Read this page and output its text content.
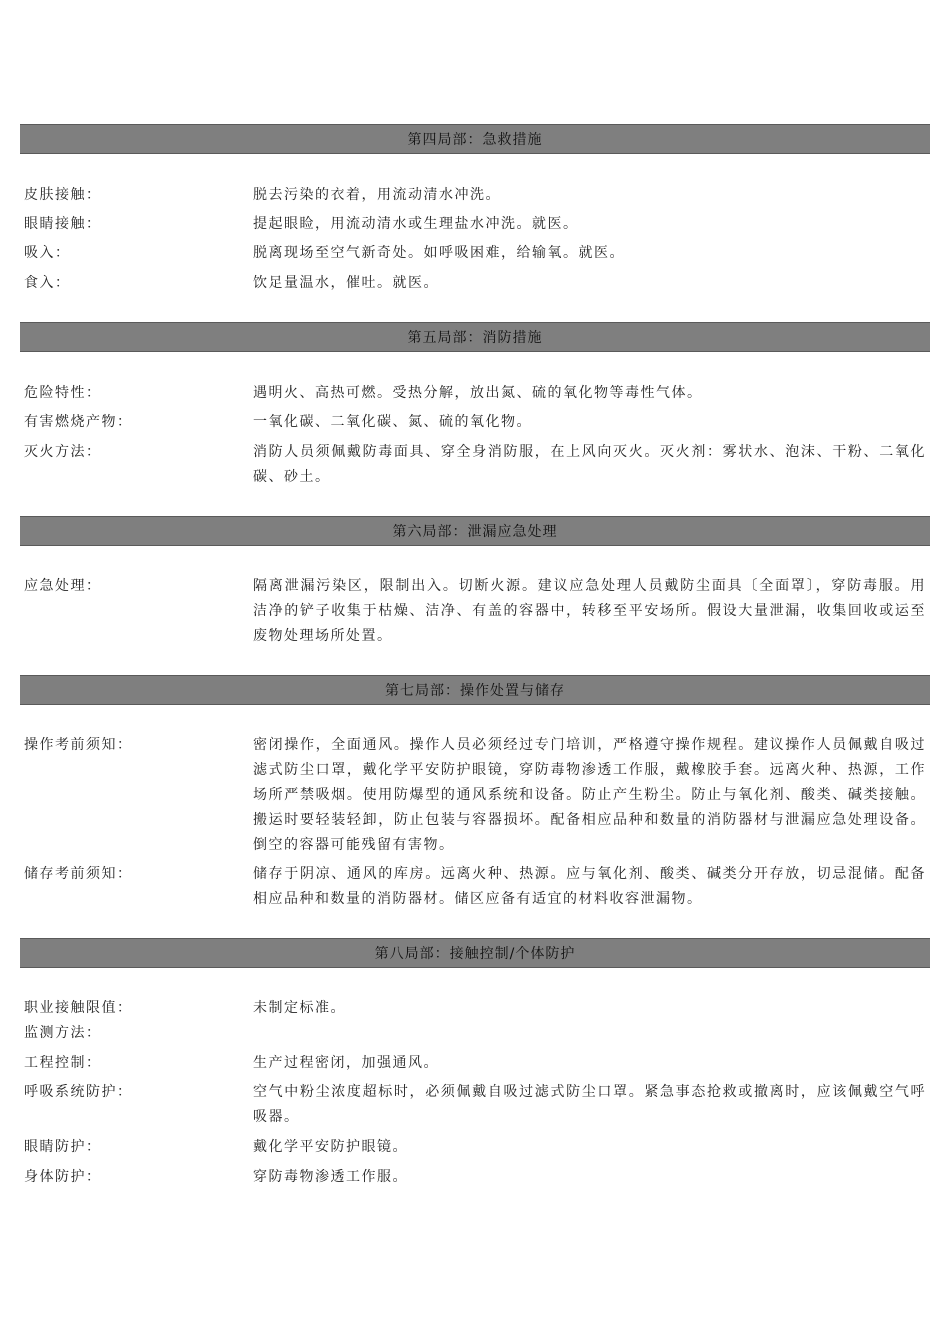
第四局部：急救措施
皮肤接触：	脱去污染的衣着，用流动清水冲洗。
眼睛接触：	提起眼睑，用流动清水或生理盐水冲洗。就医。
吸入：	脱离现场至空气新奇处。如呼吸困难，给输氧。就医。
食入：	饮足量温水，催吐。就医。
第五局部：消防措施
危险特性：	遇明火、高热可燃。受热分解，放出氮、硫的氧化物等毒性气体。
有害燃烧产物：	一氧化碳、二氧化碳、氮、硫的氧化物。
灭火方法：	消防人员须佩戴防毒面具、穿全身消防服，在上风向灭火。灭火剂：雾状水、泡沫、干粉、二氧化碳、砂土。
第六局部：泄漏应急处理
应急处理：	隔离泄漏污染区，限制出入。切断火源。建议应急处理人员戴防尘面具〔全面罩〕，穿防毒服。用洁净的铲子收集于枯燥、洁净、有盖的容器中，转移至平安场所。假设大量泄漏，收集回收或运至废物处理场所处置。
第七局部：操作处置与储存
操作考前须知：	密闭操作，全面通风。操作人员必须经过专门培训，严格遵守操作规程。建议操作人员佩戴自吸过滤式防尘口罩，戴化学平安防护眼镜，穿防毒物渗透工作服，戴橡胶手套。远离火种、热源，工作场所严禁吸烟。使用防爆型的通风系统和设备。防止产生粉尘。防止与氧化剂、酸类、碱类接触。搬运时要轻装轻卸，防止包装与容器损坏。配备相应品种和数量的消防器材与泄漏应急处理设备。倒空的容器可能残留有害物。
储存考前须知：	储存于阴凉、通风的库房。远离火种、热源。应与氧化剂、酸类、碱类分开存放，切忌混储。配备相应品种和数量的消防器材。储区应备有适宜的材料收容泄漏物。
第八局部：接触控制/个体防护
职业接触限值：	未制定标准。
监测方法：
工程控制：	生产过程密闭，加强通风。
呼吸系统防护：	空气中粉尘浓度超标时，必须佩戴自吸过滤式防尘口罩。紧急事态抢救或撤离时，应该佩戴空气呼吸器。
眼睛防护：	戴化学平安防护眼镜。
身体防护：	穿防毒物渗透工作服。
